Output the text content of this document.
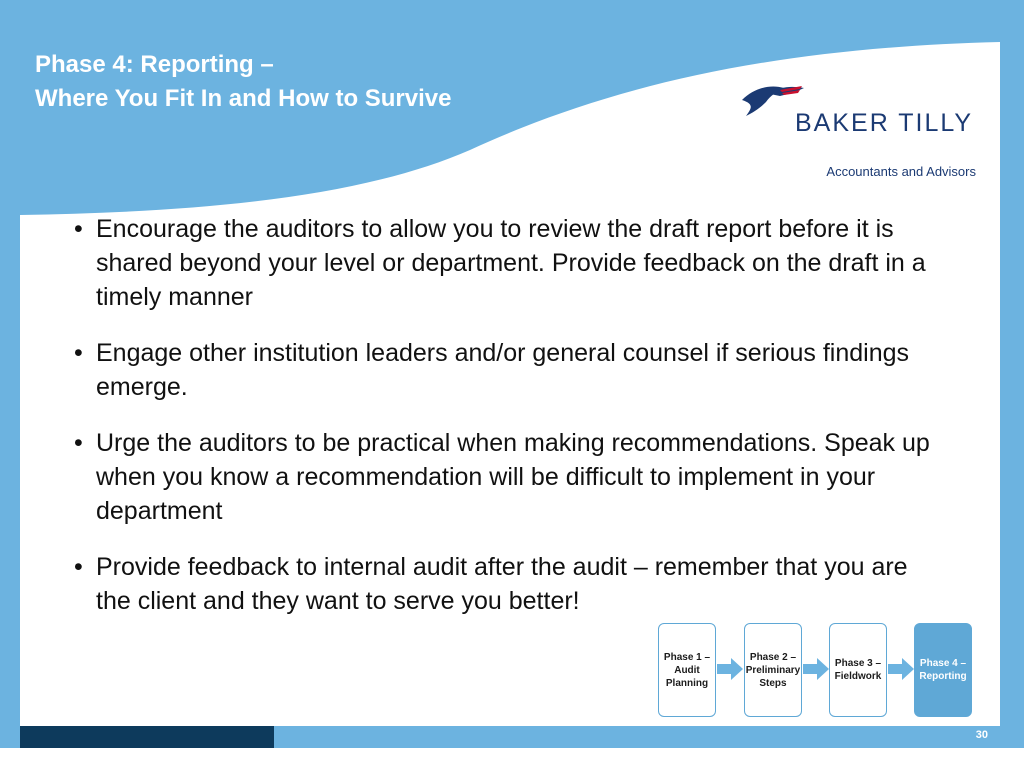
Phase 4: Reporting –
Where You Fit In and How to Survive
BAKER TILLY
Accountants and Advisors
• Encourage the auditors to allow you to review the draft report before it is shared beyond your level or department. Provide feedback on the draft in a timely manner
• Engage other institution leaders and/or general counsel if serious findings emerge.
• Urge the auditors to be practical when making recommendations. Speak up when you know a recommendation will be difficult to implement in your department
• Provide feedback to internal audit after the audit – remember that you are the client and they want to serve you better!
Phase 1 –
Audit
Planning
Phase 2 –
Preliminary
Steps
Phase 3 –
Fieldwork
Phase 4 –
Reporting
30
